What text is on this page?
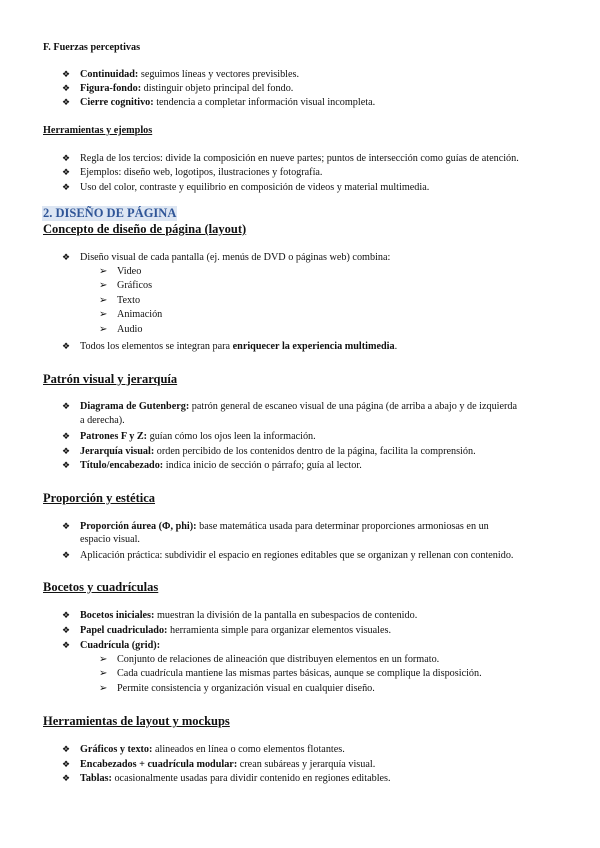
F. Fuerzas perceptivas
❖ Continuidad: seguimos líneas y vectores previsibles.
❖ Figura-fondo: distinguir objeto principal del fondo.
❖ Cierre cognitivo: tendencia a completar información visual incompleta.
Herramientas y ejemplos
❖ Regla de los tercios: divide la composición en nueve partes; puntos de intersección como guías de atención.
❖ Ejemplos: diseño web, logotipos, ilustraciones y fotografía.
❖ Uso del color, contraste y equilibrio en composición de videos y material multimedia.
2. DISEÑO DE PÁGINA
Concepto de diseño de página (layout)
❖ Diseño visual de cada pantalla (ej. menús de DVD o páginas web) combina:
➢ Video
➢ Gráficos
➢ Texto
➢ Animación
➢ Audio
❖ Todos los elementos se integran para enriquecer la experiencia multimedia.
Patrón visual y jerarquía
❖ Diagrama de Gutenberg: patrón general de escaneo visual de una página (de arriba a abajo y de izquierda
a derecha).
❖ Patrones F y Z: guían cómo los ojos leen la información.
❖ Jerarquía visual: orden percibido de los contenidos dentro de la página, facilita la comprensión.
❖ Título/encabezado: indica inicio de sección o párrafo; guía al lector.
Proporción y estética
❖ Proporción áurea (Φ, phi): base matemática usada para determinar proporciones armoniosas en un
espacio visual.
❖ Aplicación práctica: subdividir el espacio en regiones editables que se organizan y rellenan con contenido.
Bocetos y cuadrículas
❖ Bocetos iniciales: muestran la división de la pantalla en subespacios de contenido.
❖ Papel cuadriculado: herramienta simple para organizar elementos visuales.
❖ Cuadrícula (grid):
➢ Conjunto de relaciones de alineación que distribuyen elementos en un formato.
➢ Cada cuadrícula mantiene las mismas partes básicas, aunque se complique la disposición.
➢ Permite consistencia y organización visual en cualquier diseño.
Herramientas de layout y mockups
❖ Gráficos y texto: alineados en línea o como elementos flotantes.
❖ Encabezados + cuadrícula modular: crean subáreas y jerarquía visual.
❖ Tablas: ocasionalmente usadas para dividir contenido en regiones editables.
